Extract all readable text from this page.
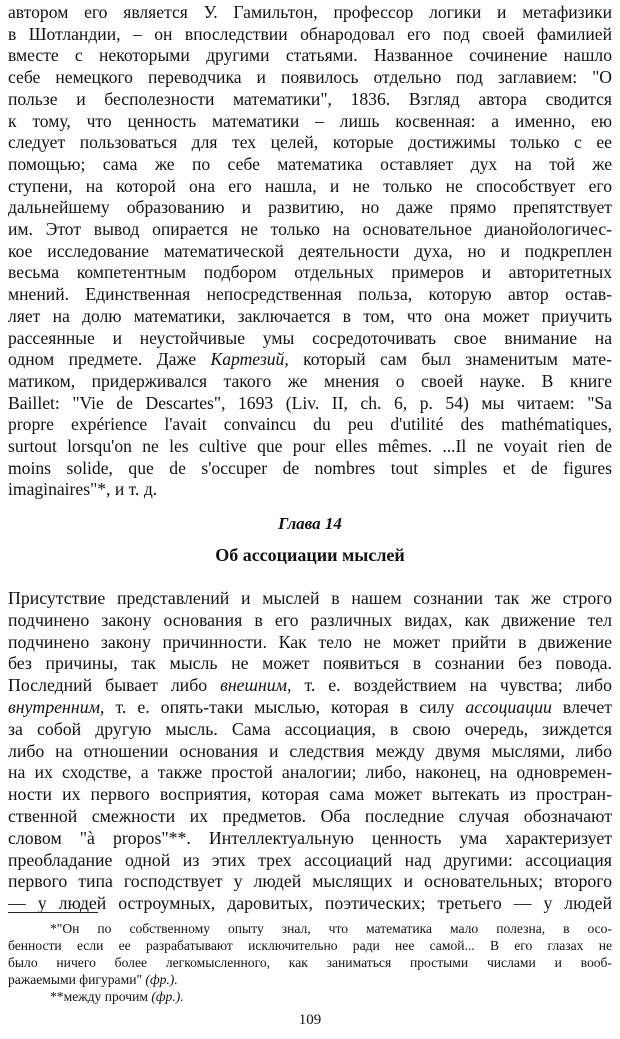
автором его является У. Гамильтон, профессор логики и метафизики
в Шотландии, – он впоследствии обнародовал его под своей фамилией
вместе с некоторыми другими статьями. Названное сочинение нашло
себе немецкого переводчика и появилось отдельно под заглавием: "О
пользе и бесполезности математики", 1836. Взгляд автора сводится
к тому, что ценность математики – лишь косвенная: а именно, ею
следует пользоваться для тех целей, которые достижимы только с ее
помощью; сама же по себе математика оставляет дух на той же
ступени, на которой она его нашла, и не только не способствует его
дальнейшему образованию и развитию, но даже прямо препятствует
им. Этот вывод опирается не только на основательное дианойологичес-
кое исследование математической деятельности духа, но и подкреплен
весьма компетентным подбором отдельных примеров и авторитетных
мнений. Единственная непосредственная польза, которую автор остав-
ляет на долю математики, заключается в том, что она может приучить
рассеянные и неустойчивые умы сосредоточивать свое внимание на
одном предмете. Даже Картезий, который сам был знаменитым мате-
матиком, придерживался такого же мнения о своей науке. В книге
Baillet: "Vie de Descartes", 1693 (Liv. II, ch. 6, p. 54) мы читаем: "Sa
propre expérience l'avait convaincu du peu d'utilité des mathématiques,
surtout lorsqu'on ne les cultive que pour elles mêmes. ...Il ne voyait rien de
moins solide, que de s'occuper de nombres tout simples et de figures
imaginaires"*, и т. д.
Глава 14
Об ассоциации мыслей
Присутствие представлений и мыслей в нашем сознании так же строго
подчинено закону основания в его различных видах, как движение тел
подчинено закону причинности. Как тело не может прийти в движение
без причины, так мысль не может появиться в сознании без повода.
Последний бывает либо внешним, т. е. воздействием на чувства; либо
внутренним, т. е. опять-таки мыслью, которая в силу ассоциации влечет
за собой другую мысль. Сама ассоциация, в свою очередь, зиждется
либо на отношении основания и следствия между двумя мыслями, либо
на их сходстве, а также простой аналогии; либо, наконец, на одновремен-
ности их первого восприятия, которая сама может вытекать из простран-
ственной смежности их предметов. Оба последние случая обозначают
словом "à propos"**. Интеллектуальную ценность ума характеризует
преобладание одной из этих трех ассоциаций над другими: ассоциация
первого типа господствует у людей мыслящих и основательных; второго
— у людей остроумных, даровитых, поэтических; третьего — у людей
*"Он по собственному опыту знал, что математика мало полезна, в осо-
бенности если ее разрабатывают исключительно ради нее самой... В его глазах не
было ничего более легкомысленного, как заниматься простыми числами и вооб-
ражаемыми фигурами" (фр.).
**между прочим (фр.).
109
